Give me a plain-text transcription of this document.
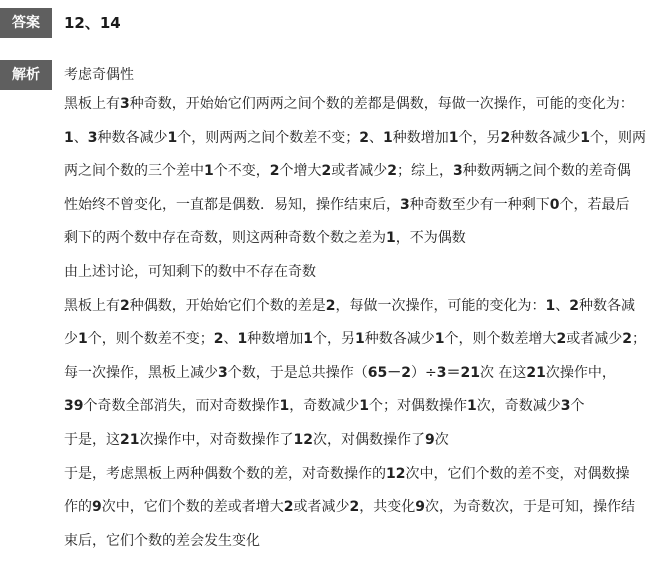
答案	12、14
解析	考虑奇偶性
黑板上有3种奇数，开始始它们两两之间个数的差都是偶数，每做一次操作，可能的变化为：
1、3种数各减少1个，则两两之间个数差不变；2、1种数增加1个，另2种数各减少1个，则两
两之间个数的三个差中1个不变，2个增大2或者减少2；综上，3种数两辆之间个数的差奇偶
性始终不曾变化，一直都是偶数．易知，操作结束后，3种奇数至少有一种剩下0个，若最后
剩下的两个数中存在奇数，则这两种奇数个数之差为1，不为偶数
由上述讨论，可知剩下的数中不存在奇数
黑板上有2种偶数，开始始它们个数的差是2，每做一次操作，可能的变化为：1、2种数各减
少1个，则个数差不变；2、1种数增加1个，另1种数各减少1个，则个数差增大2或者减少2；
每一次操作，黑板上减少3个数，于是总共操作（65－2）÷3＝21次 在这21次操作中，
39个奇数全部消失，而对奇数操作1，奇数减少1个；对偶数操作1次，奇数减少3个
于是，这21次操作中，对奇数操作了12次，对偶数操作了9次
于是，考虑黑板上两种偶数个数的差，对奇数操作的12次中，它们个数的差不变，对偶数操
作的9次中，它们个数的差或者增大2或者减少2，共变化9次，为奇数次，于是可知，操作结
束后，它们个数的差会发生变化
